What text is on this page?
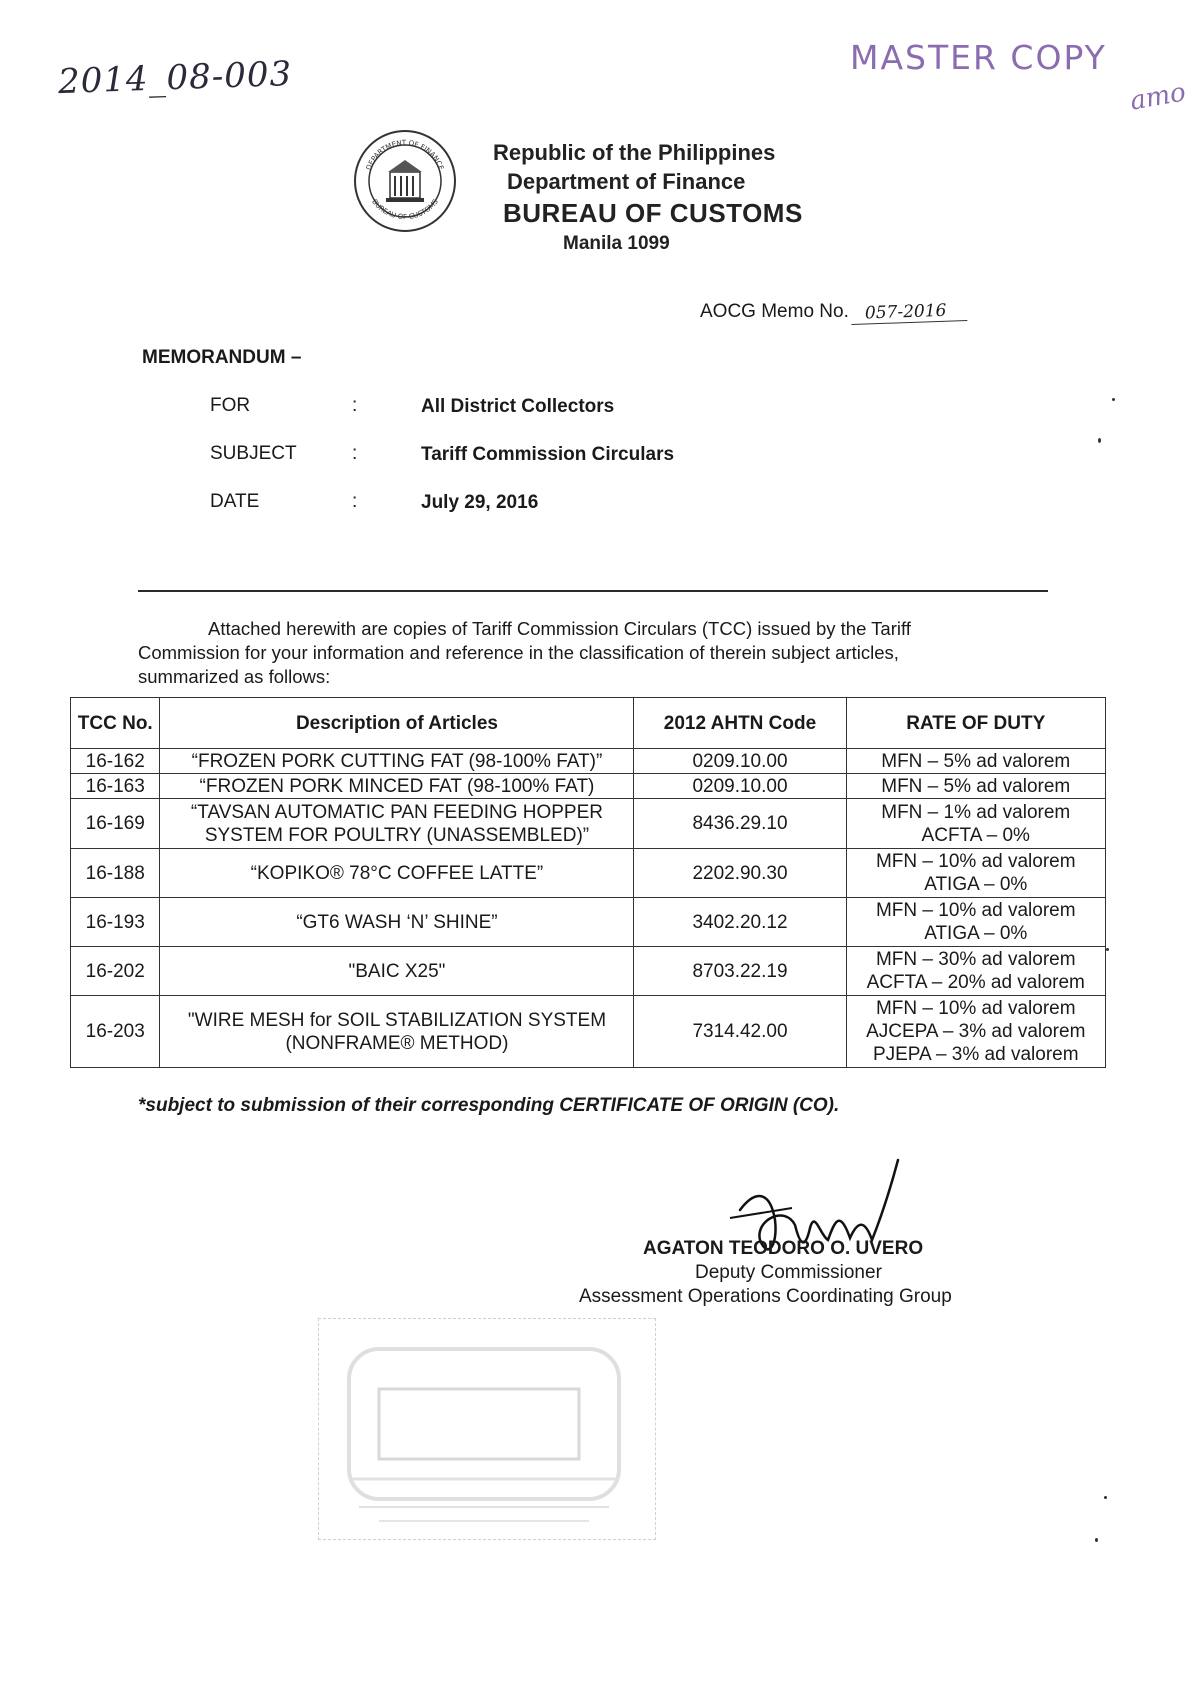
2014_08-003	MASTER COPY
amo
DEPARTMENT OF FINANCE
BUREAU OF CUSTOMS
Republic of the Philippines
Department of Finance
BUREAU OF CUSTOMS
Manila 1099
AOCG Memo No. 057-2016
MEMORANDUM –
FOR	:	All District Collectors
SUBJECT	:	Tariff Commission Circulars
DATE	:	July 29, 2016
Attached herewith are copies of Tariff Commission Circulars (TCC) issued by the Tariff
Commission for your information and reference in the classification of therein subject articles,
summarized as follows:
TCC No.	Description of Articles	2012 AHTN Code	RATE OF DUTY
16-162	“FROZEN PORK CUTTING FAT (98-100% FAT)”	0209.10.00	MFN – 5% ad valorem

16-163	“FROZEN PORK MINCED FAT (98-100% FAT)	0209.10.00	MFN – 5% ad valorem

16-169	“TAVSAN AUTOMATIC PAN FEEDING HOPPER
SYSTEM FOR POULTRY (UNASSEMBLED)”	8436.29.10	MFN – 1% ad valorem
ACFTA – 0%

16-188	“KOPIKO® 78°C COFFEE LATTE”	2202.90.30	MFN – 10% ad valorem
ATIGA – 0%

16-193	“GT6 WASH ‘N’ SHINE”	3402.20.12	MFN – 10% ad valorem
ATIGA – 0%

16-202	"BAIC X25"	8703.22.19	MFN – 30% ad valorem
ACFTA – 20% ad valorem

16-203	"WIRE MESH for SOIL STABILIZATION SYSTEM
(NONFRAME® METHOD)	7314.42.00	MFN – 10% ad valorem
AJCEPA – 3% ad valorem
PJEPA – 3% ad valorem
*subject to submission of their corresponding CERTIFICATE OF ORIGIN (CO).
AGATON TEODORO O. UVERO
Deputy Commissioner
Assessment Operations Coordinating Group
